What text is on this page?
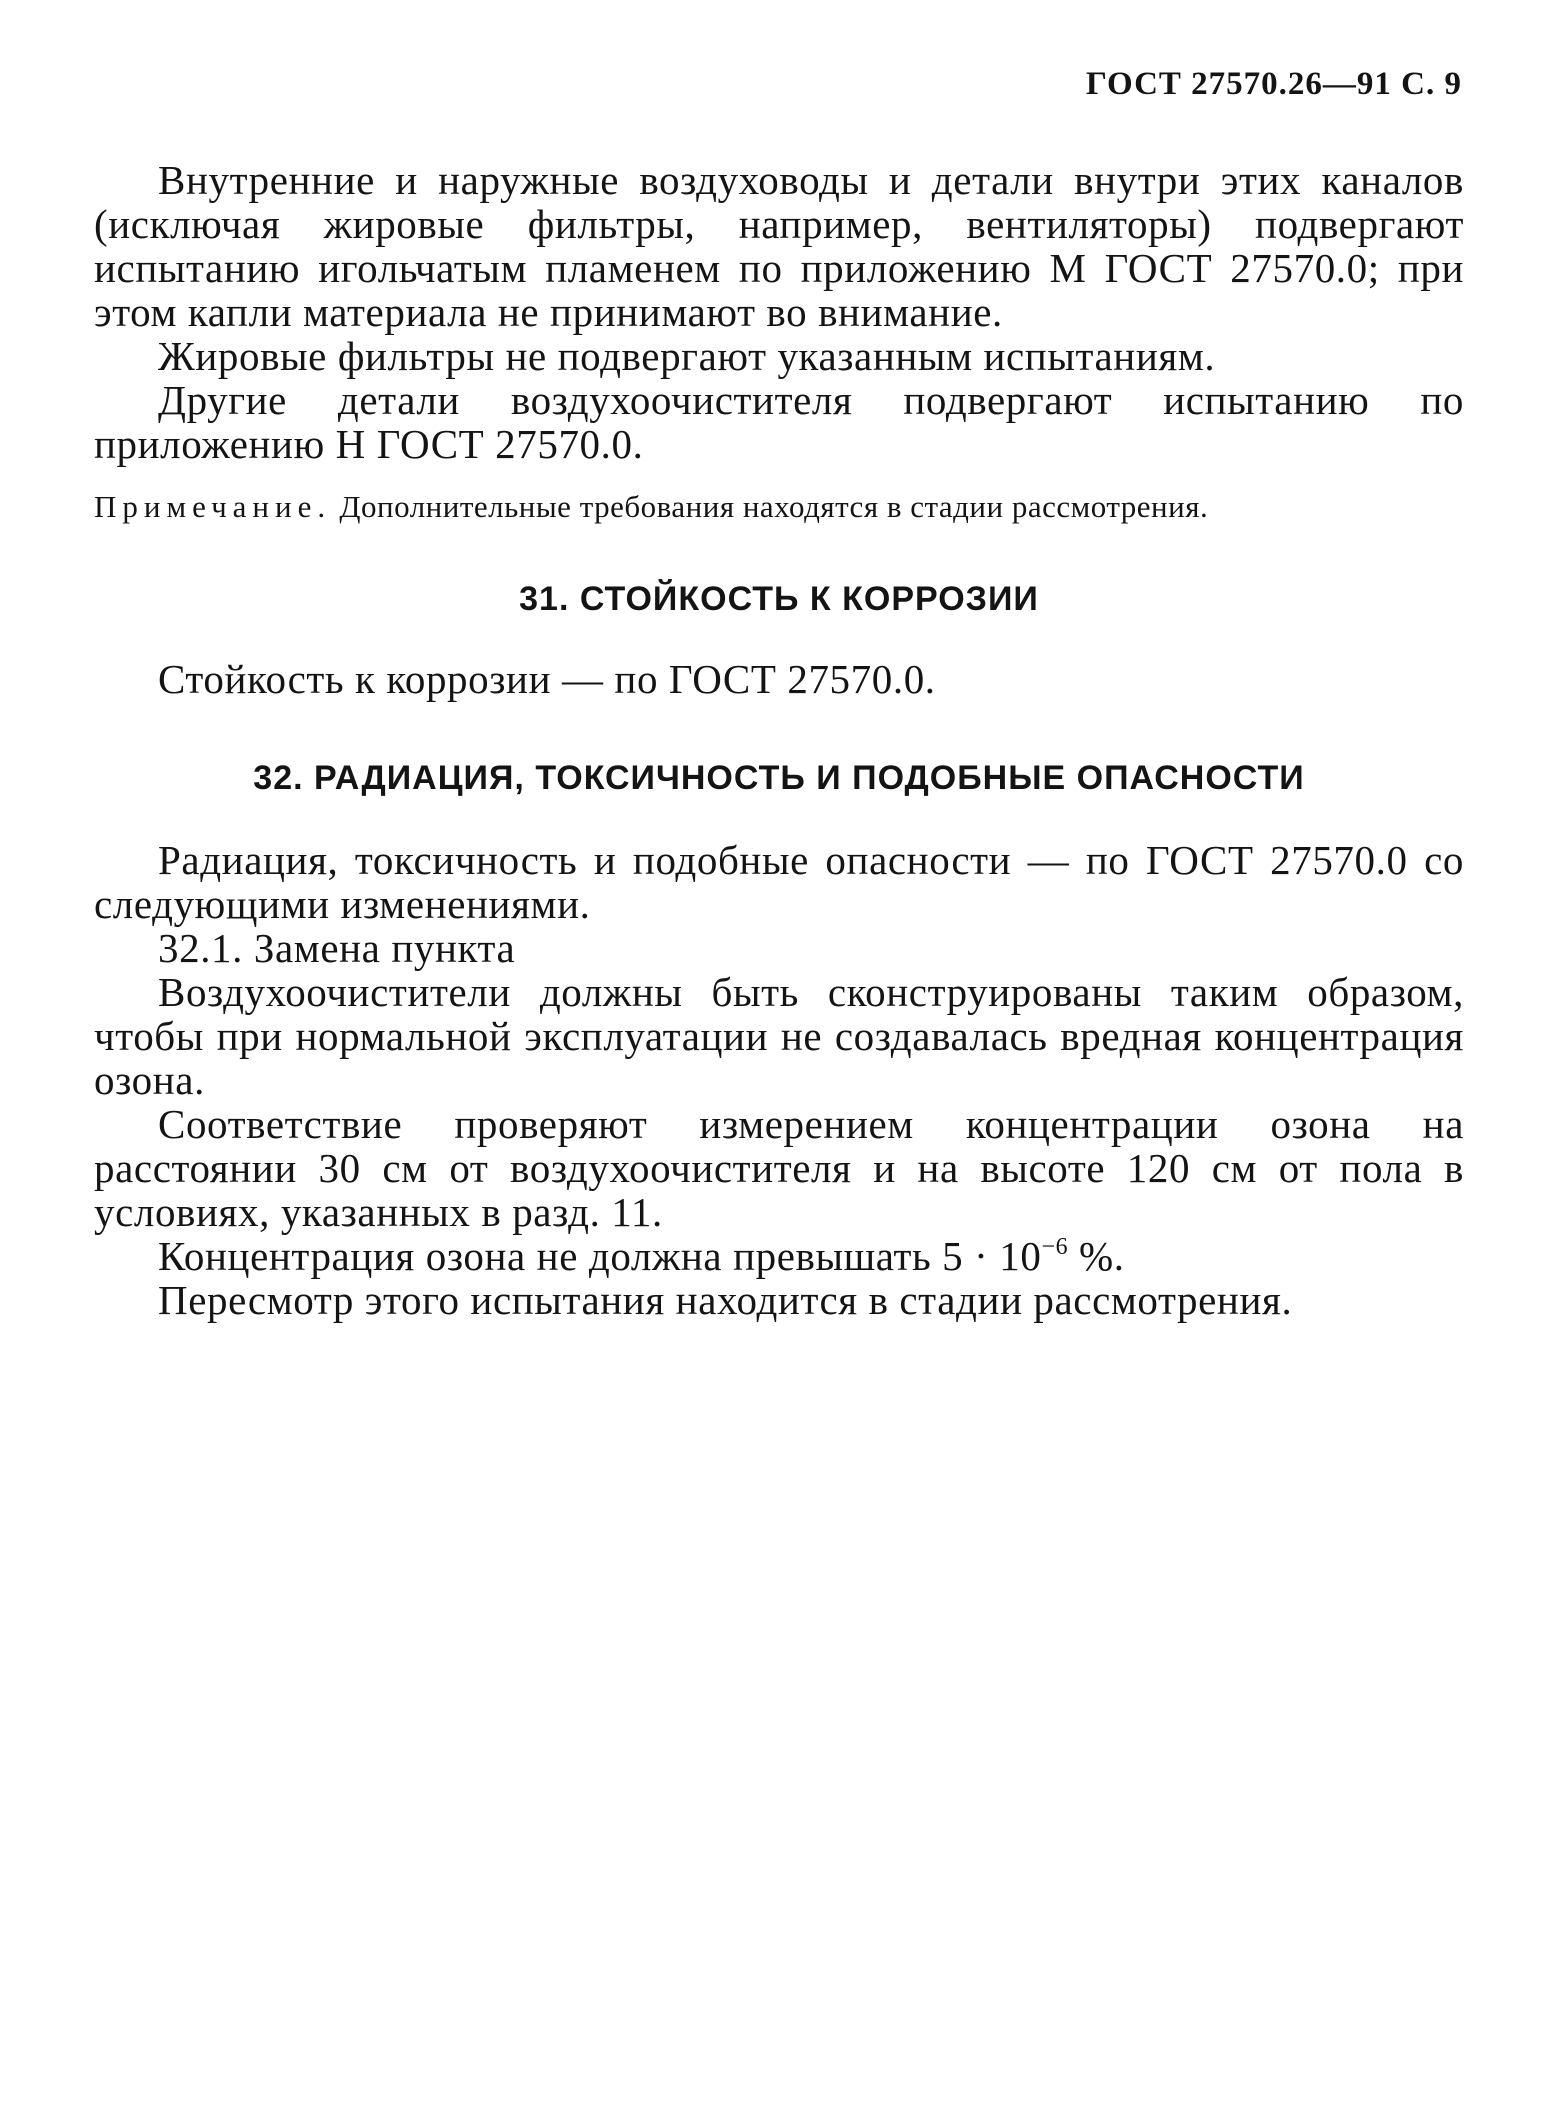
ГОСТ 27570.26—91 С. 9

Внутренние и наружные воздуховоды и детали внутри этих каналов (исключая жировые фильтры, например, вентиляторы) подвергают испытанию игольчатым пламенем по приложению М ГОСТ 27570.0; при этом капли материала не принимают во внимание.

Жировые фильтры не подвергают указанным испытаниям.

Другие детали воздухоочистителя подвергают испытанию по приложению Н ГОСТ 27570.0.

Примечание. Дополнительные требования находятся в стадии рассмотрения.

31. СТОЙКОСТЬ К КОРРОЗИИ

Стойкость к коррозии — по ГОСТ 27570.0.

32. РАДИАЦИЯ, ТОКСИЧНОСТЬ И ПОДОБНЫЕ ОПАСНОСТИ

Радиация, токсичность и подобные опасности — по ГОСТ 27570.0 со следующими изменениями.

32.1. Замена пункта

Воздухоочистители должны быть сконструированы таким образом, чтобы при нормальной эксплуатации не создавалась вредная концентрация озона.

Соответствие проверяют измерением концентрации озона на расстоянии 30 см от воздухоочистителя и на высоте 120 см от пола в условиях, указанных в разд. 11.

Концентрация озона не должна превышать $5 \cdot 10^{-6}$ %.

Пересмотр этого испытания находится в стадии рассмотрения.
